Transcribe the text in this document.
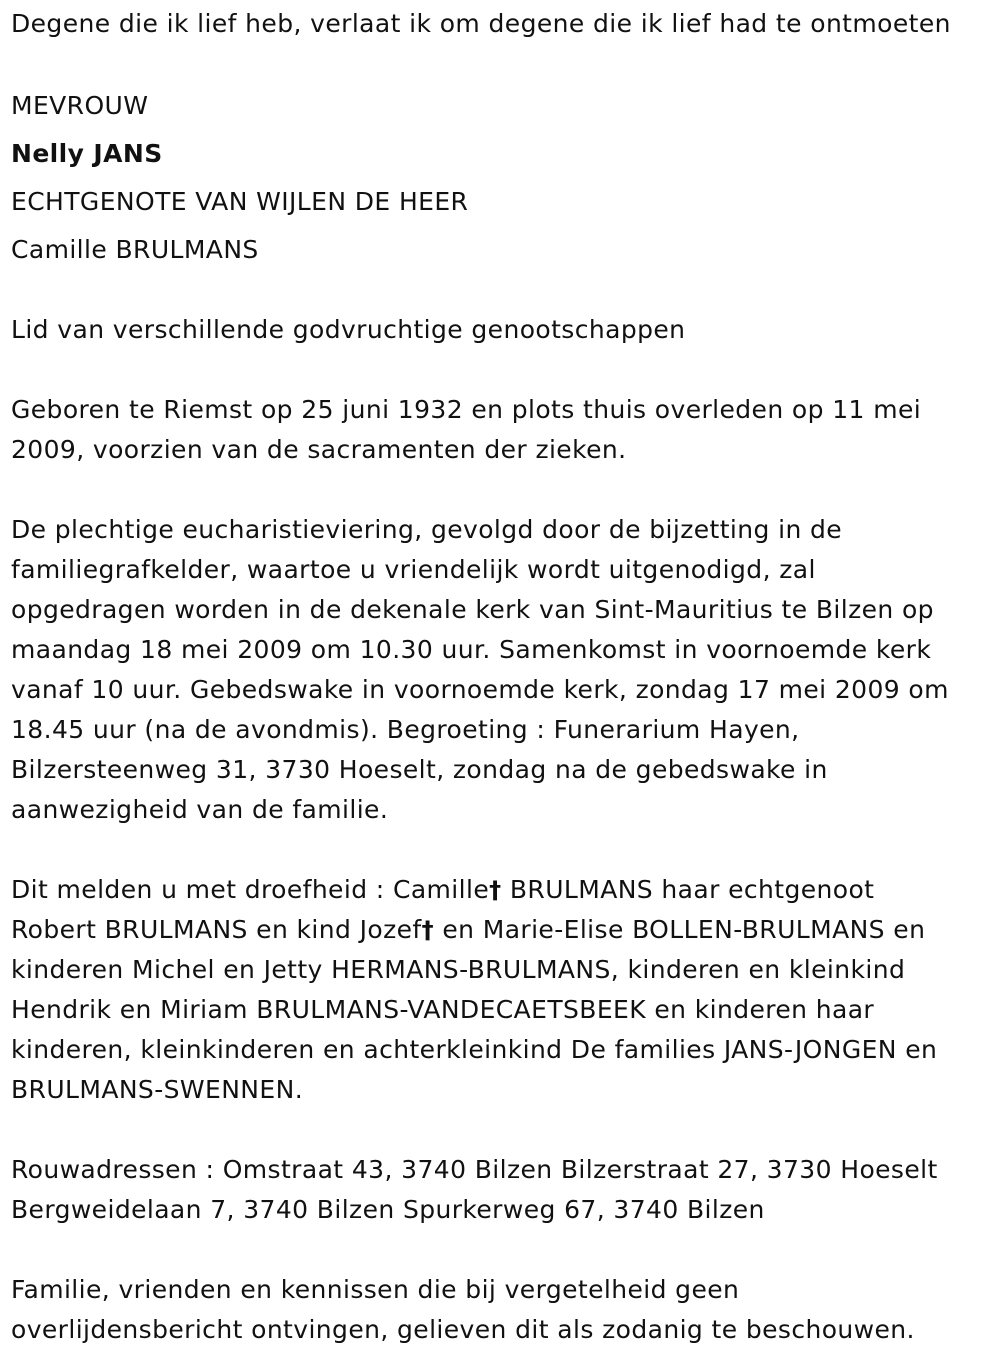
Degene die ik lief heb, verlaat ik om degene die ik lief had te ontmoeten
MEVROUW
Nelly JANS
ECHTGENOTE VAN WIJLEN DE HEER
Camille BRULMANS
Lid van verschillende godvruchtige genootschappen
Geboren te Riemst op 25 juni 1932 en plots thuis overleden op 11 mei
2009, voorzien van de sacramenten der zieken.
De plechtige eucharistieviering, gevolgd door de bijzetting in de
familiegrafkelder, waartoe u vriendelijk wordt uitgenodigd, zal
opgedragen worden in de dekenale kerk van Sint-Mauritius te Bilzen op
maandag 18 mei 2009 om 10.30 uur. Samenkomst in voornoemde kerk
vanaf 10 uur. Gebedswake in voornoemde kerk, zondag 17 mei 2009 om
18.45 uur (na de avondmis). Begroeting : Funerarium Hayen,
Bilzersteenweg 31, 3730 Hoeselt, zondag na de gebedswake in
aanwezigheid van de familie.
Dit melden u met droefheid : Camille† BRULMANS haar echtgenoot
Robert BRULMANS en kind Jozef† en Marie-Elise BOLLEN-BRULMANS en
kinderen Michel en Jetty HERMANS-BRULMANS, kinderen en kleinkind
Hendrik en Miriam BRULMANS-VANDECAETSBEEK en kinderen haar
kinderen, kleinkinderen en achterkleinkind De families JANS-JONGEN en
BRULMANS-SWENNEN.
Rouwadressen : Omstraat 43, 3740 Bilzen Bilzerstraat 27, 3730 Hoeselt
Bergweidelaan 7, 3740 Bilzen Spurkerweg 67, 3740 Bilzen
Familie, vrienden en kennissen die bij vergetelheid geen
overlijdensbericht ontvingen, gelieven dit als zodanig te beschouwen.
